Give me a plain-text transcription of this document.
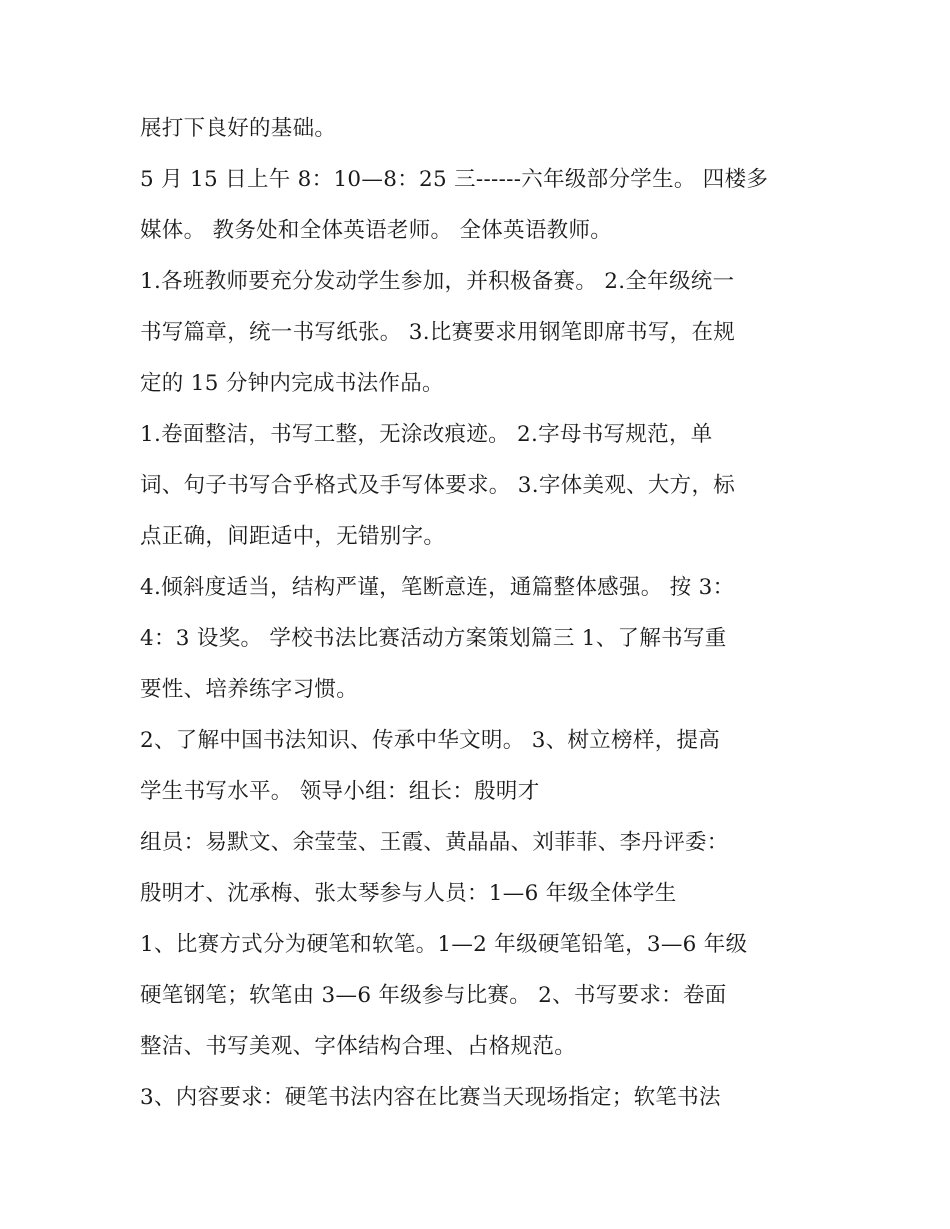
展打下良好的基础。
5 月 15 日上午 8：10—8：25 三------六年级部分学生。 四楼多
媒体。 教务处和全体英语老师。 全体英语教师。
1.各班教师要充分发动学生参加，并积极备赛。 2.全年级统一
书写篇章，统一书写纸张。 3.比赛要求用钢笔即席书写，在规
定的 15 分钟内完成书法作品。
1.卷面整洁，书写工整，无涂改痕迹。 2.字母书写规范，单
词、句子书写合乎格式及手写体要求。 3.字体美观、大方，标
点正确，间距适中，无错别字。
4.倾斜度适当，结构严谨，笔断意连，通篇整体感强。 按 3：
4：3 设奖。 学校书法比赛活动方案策划篇三 1、了解书写重
要性、培养练字习惯。
2、了解中国书法知识、传承中华文明。 3、树立榜样，提高
学生书写水平。 领导小组：组长：殷明才
组员：易默文、余莹莹、王霞、黄晶晶、刘菲菲、李丹评委：
殷明才、沈承梅、张太琴参与人员：1—6 年级全体学生
1、比赛方式分为硬笔和软笔。1—2 年级硬笔铅笔，3—6 年级
硬笔钢笔；软笔由 3—6 年级参与比赛。 2、书写要求：卷面
整洁、书写美观、字体结构合理、占格规范。
3、内容要求：硬笔书法内容在比赛当天现场指定；软笔书法
